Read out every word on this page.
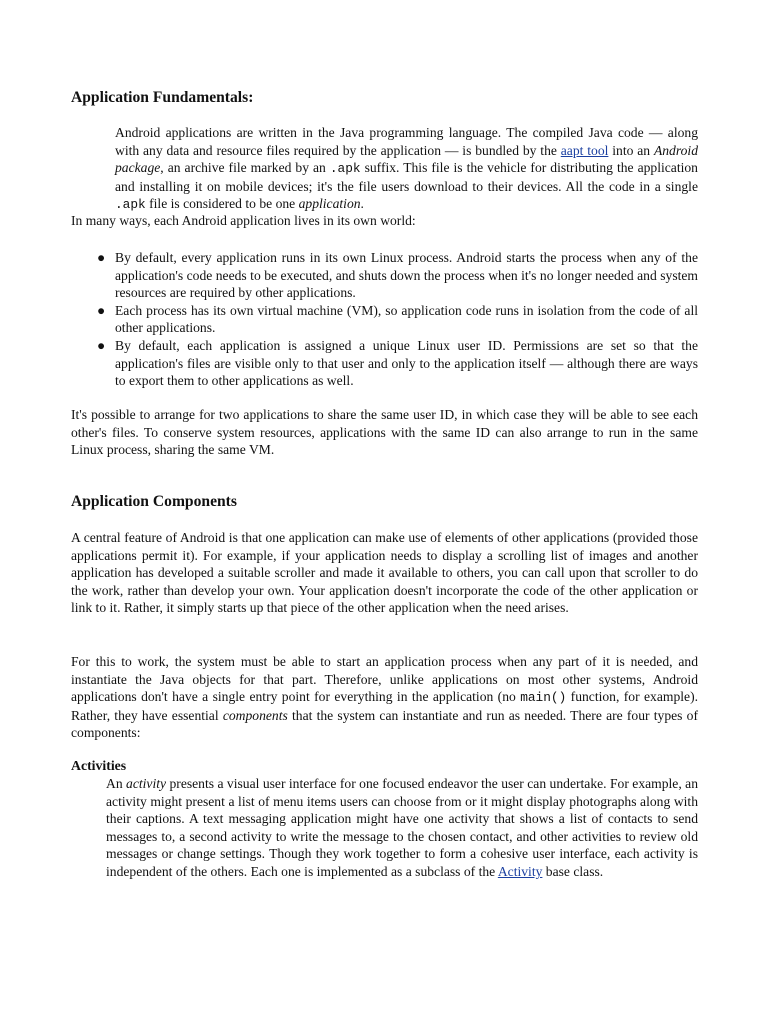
Application Fundamentals:

Android applications are written in the Java programming language. The compiled Java code — along with any data and resource files required by the application — is bundled by the aapt tool into an Android package, an archive file marked by an .apk suffix. This file is the vehicle for distributing the application and installing it on mobile devices; it's the file users download to their devices. All the code in a single .apk file is considered to be one application.

In many ways, each Android application lives in its own world:

● By default, every application runs in its own Linux process. Android starts the process when any of the application's code needs to be executed, and shuts down the process when it's no longer needed and system resources are required by other applications.
● Each process has its own virtual machine (VM), so application code runs in isolation from the code of all other applications.
● By default, each application is assigned a unique Linux user ID. Permissions are set so that the application's files are visible only to that user and only to the application itself — although there are ways to export them to other applications as well.

It's possible to arrange for two applications to share the same user ID, in which case they will be able to see each other's files. To conserve system resources, applications with the same ID can also arrange to run in the same Linux process, sharing the same VM.

Application Components

A central feature of Android is that one application can make use of elements of other applications (provided those applications permit it). For example, if your application needs to display a scrolling list of images and another application has developed a suitable scroller and made it available to others, you can call upon that scroller to do the work, rather than develop your own. Your application doesn't incorporate the code of the other application or link to it. Rather, it simply starts up that piece of the other application when the need arises.

For this to work, the system must be able to start an application process when any part of it is needed, and instantiate the Java objects for that part. Therefore, unlike applications on most other systems, Android applications don't have a single entry point for everything in the application (no main() function, for example). Rather, they have essential components that the system can instantiate and run as needed. There are four types of components:

Activities

An activity presents a visual user interface for one focused endeavor the user can undertake. For example, an activity might present a list of menu items users can choose from or it might display photographs along with their captions. A text messaging application might have one activity that shows a list of contacts to send messages to, a second activity to write the message to the chosen contact, and other activities to review old messages or change settings. Though they work together to form a cohesive user interface, each activity is independent of the others. Each one is implemented as a subclass of the Activity base class.
